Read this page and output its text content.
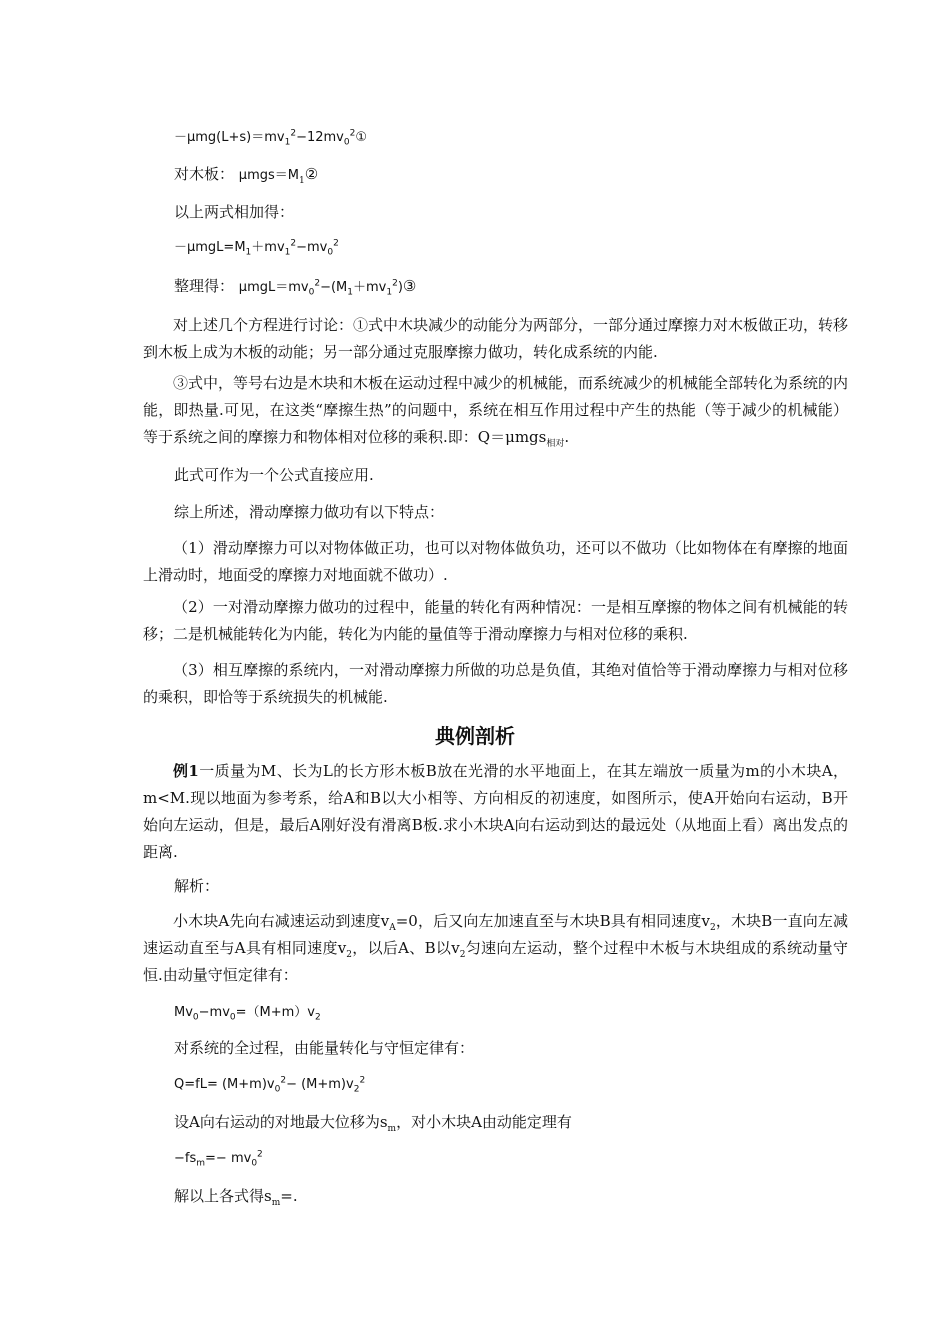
$-\mu mg(L+s)=mv_1^2-12mv_0^2①$
对木板： $\mu mgs=M_1②$
以上两式相加得：
$-\mu mgL=M_1+mv_1^2-mv_0^2$
整理得： $\mu mgL=mv_0^2-(M_1+mv_1^2)③$
对上述几个方程进行讨论：①式中木块减少的动能分为两部分，一部分通过摩擦力对木板做正功，转移到木板上成为木板的动能；另一部分通过克服摩擦力做功，转化成系统的内能.
③式中，等号右边是木块和木板在运动过程中减少的机械能，而系统减少的机械能全部转化为系统的内能，即热量.可见，在这类“摩擦生热”的问题中，系统在相互作用过程中产生的热能（等于减少的机械能）等于系统之间的摩擦力和物体相对位移的乘积.即：Q＝μmgs$_{相对}$.
此式可作为一个公式直接应用.
综上所述，滑动摩擦力做功有以下特点：
（1）滑动摩擦力可以对物体做正功，也可以对物体做负功，还可以不做功（比如物体在有摩擦的地面上滑动时，地面受的摩擦力对地面就不做功）.
（2）一对滑动摩擦力做功的过程中，能量的转化有两种情况：一是相互摩擦的物体之间有机械能的转移；二是机械能转化为内能，转化为内能的量值等于滑动摩擦力与相对位移的乘积.
（3）相互摩擦的系统内，一对滑动摩擦力所做的功总是负值，其绝对值恰等于滑动摩擦力与相对位移的乘积，即恰等于系统损失的机械能.
典例剖析
例1一质量为M、长为L的长方形木板B放在光滑的水平地面上，在其左端放一质量为m的小木块A，m<M.现以地面为参考系，给A和B以大小相等、方向相反的初速度，如图所示，使A开始向右运动，B开始向左运动，但是，最后A刚好没有滑离B板.求小木块A向右运动到达的最远处（从地面上看）离出发点的距离.
解析：
小木块A先向右减速运动到速度$v_A=0$，后又向左加速直至与木块B具有相同速度$v_2$，木块B一直向左减速运动直至与A具有相同速度$v_2$，以后A、B以$v_2$匀速向左运动，整个过程中木板与木块组成的系统动量守恒.由动量守恒定律有：
$Mv_0-mv_0=(M+m)v_2$
对系统的全过程，由能量转化与守恒定律有：
$Q=fL= (M+m)v_0^2- (M+m)v_2^2$
设A向右运动的对地最大位移为$s_m$，对小木块A由动能定理有
$-fs_m=- mv_0^2$
解以上各式得$s_m=$.
